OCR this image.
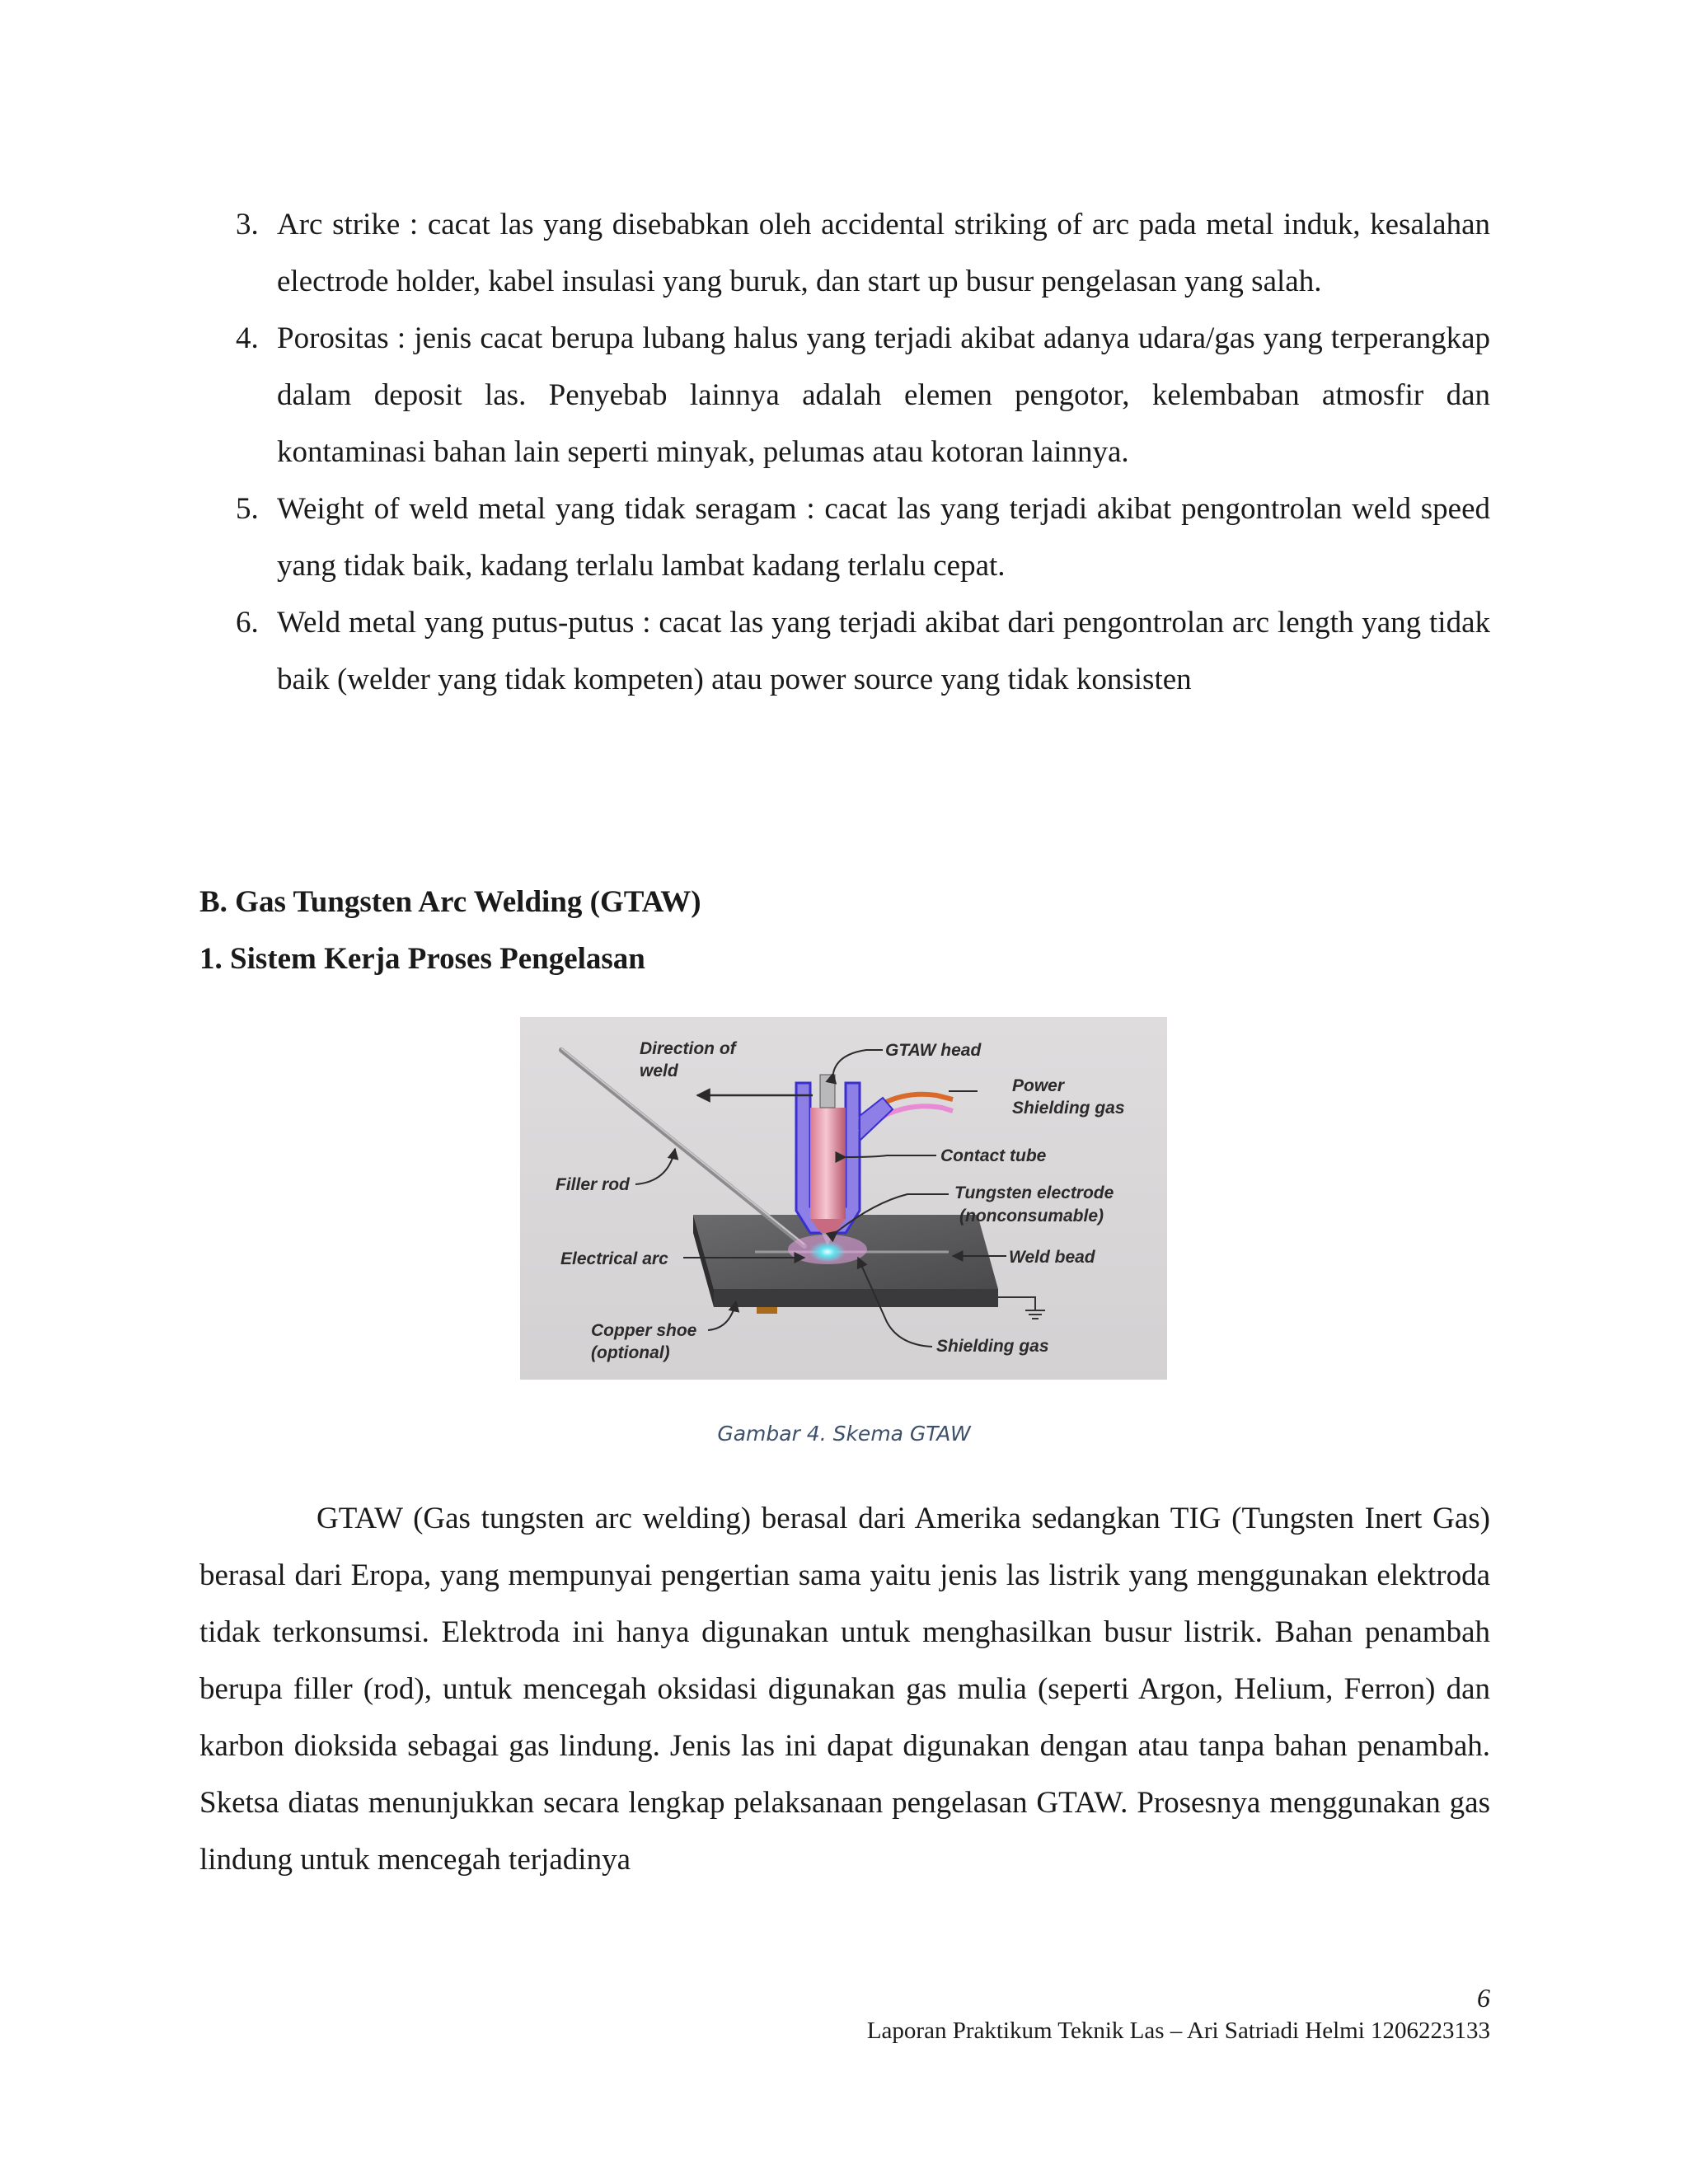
3. Arc strike : cacat las yang disebabkan oleh accidental striking of arc pada metal induk, kesalahan electrode holder, kabel insulasi yang buruk, dan start up busur pengelasan yang salah.
4. Porositas : jenis cacat berupa lubang halus yang terjadi akibat adanya udara/gas yang terperangkap dalam deposit las. Penyebab lainnya adalah elemen pengotor, kelembaban atmosfir dan kontaminasi bahan lain seperti minyak, pelumas atau kotoran lainnya.
5. Weight of weld metal yang tidak seragam : cacat las yang terjadi akibat pengontrolan weld speed yang tidak baik, kadang terlalu lambat kadang terlalu cepat.
6. Weld metal yang putus-putus : cacat las yang terjadi akibat dari pengontrolan arc length yang tidak baik (welder yang tidak kompeten) atau power source yang tidak konsisten
B. Gas Tungsten Arc Welding (GTAW)
1. Sistem Kerja Proses Pengelasan
Direction of
weld
GTAW head
Power
Shielding gas
Contact tube
Filler rod	Tungsten electrode
(nonconsumable)
Electrical arc	Weld bead
Copper shoe
(optional)	Shielding gas
Gambar 4. Skema GTAW

GTAW (Gas tungsten arc welding) berasal dari Amerika sedangkan TIG (Tungsten Inert Gas) berasal dari Eropa, yang mempunyai pengertian sama yaitu jenis las listrik yang menggunakan elektroda tidak terkonsumsi. Elektroda ini hanya digunakan untuk menghasilkan busur listrik. Bahan penambah berupa filler (rod), untuk mencegah oksidasi digunakan gas mulia (seperti Argon, Helium, Ferron) dan karbon dioksida sebagai gas lindung. Jenis las ini dapat digunakan dengan atau tanpa bahan penambah. Sketsa diatas menunjukkan secara lengkap pelaksanaan pengelasan GTAW. Prosesnya menggunakan gas lindung untuk mencegah terjadinya

6
Laporan Praktikum Teknik Las – Ari Satriadi Helmi 1206223133
